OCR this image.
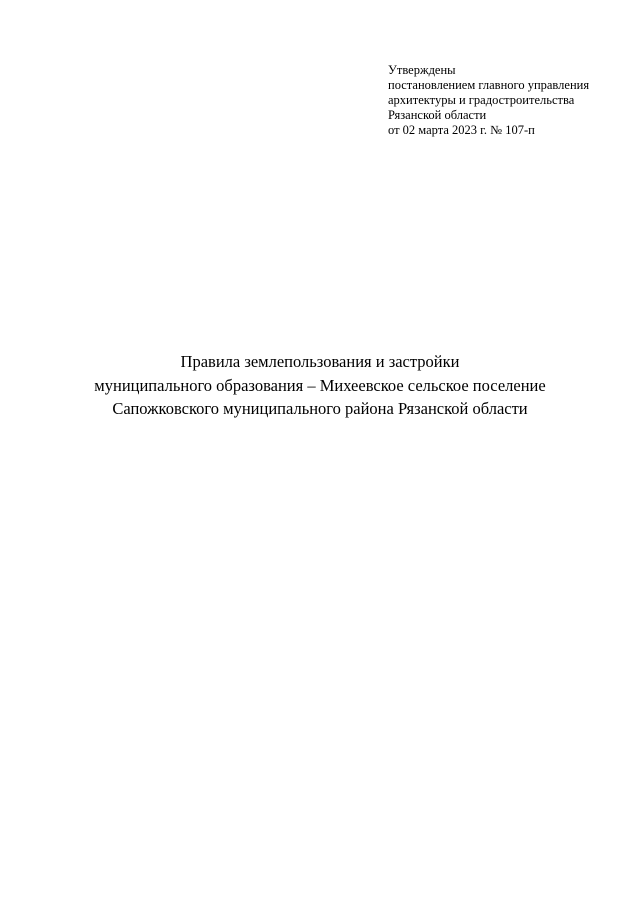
Утверждены
постановлением главного управления
архитектуры и градостроительства
Рязанской области
от 02 марта 2023 г. № 107-п
Правила землепользования и застройки
муниципального образования – Михеевское сельское поселение
Сапожковского муниципального района Рязанской области
